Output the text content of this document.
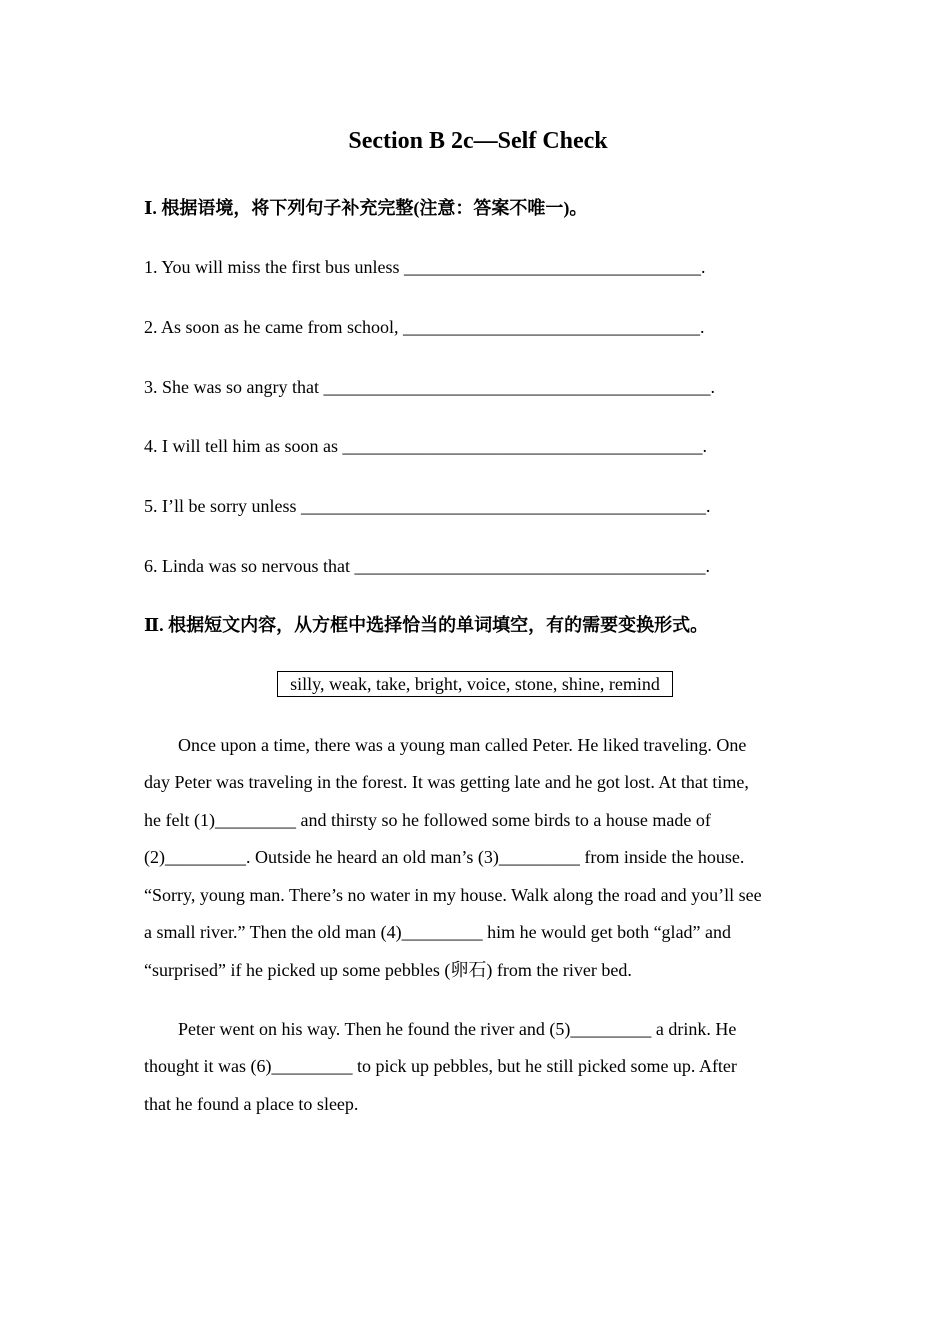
Section B 2c—Self Check
Ⅰ. 根据语境，将下列句子补充完整(注意：答案不唯一)。
1. You will miss the first bus unless _________________________________.
2. As soon as he came from school, _________________________________.
3. She was so angry that ___________________________________________.
4. I will tell him as soon as ________________________________________.
5. I’ll be sorry unless _____________________________________________.
6. Linda was so nervous that _______________________________________.
Ⅱ. 根据短文内容，从方框中选择恰当的单词填空，有的需要变换形式。
silly, weak, take, bright, voice, stone, shine, remind
Once upon a time, there was a young man called Peter. He liked traveling. One
day Peter was traveling in the forest. It was getting late and he got lost. At that time,
he felt (1)_________ and thirsty so he followed some birds to a house made of
(2)_________. Outside he heard an old man’s (3)_________ from inside the house.
“Sorry, young man. There’s no water in my house. Walk along the road and you’ll see
a small river.” Then the old man (4)_________ him he would get both “glad” and
“surprised” if he picked up some pebbles (卵石) from the river bed.
Peter went on his way. Then he found the river and (5)_________ a drink. He
thought it was (6)_________ to pick up pebbles, but he still picked some up. After
that he found a place to sleep.
